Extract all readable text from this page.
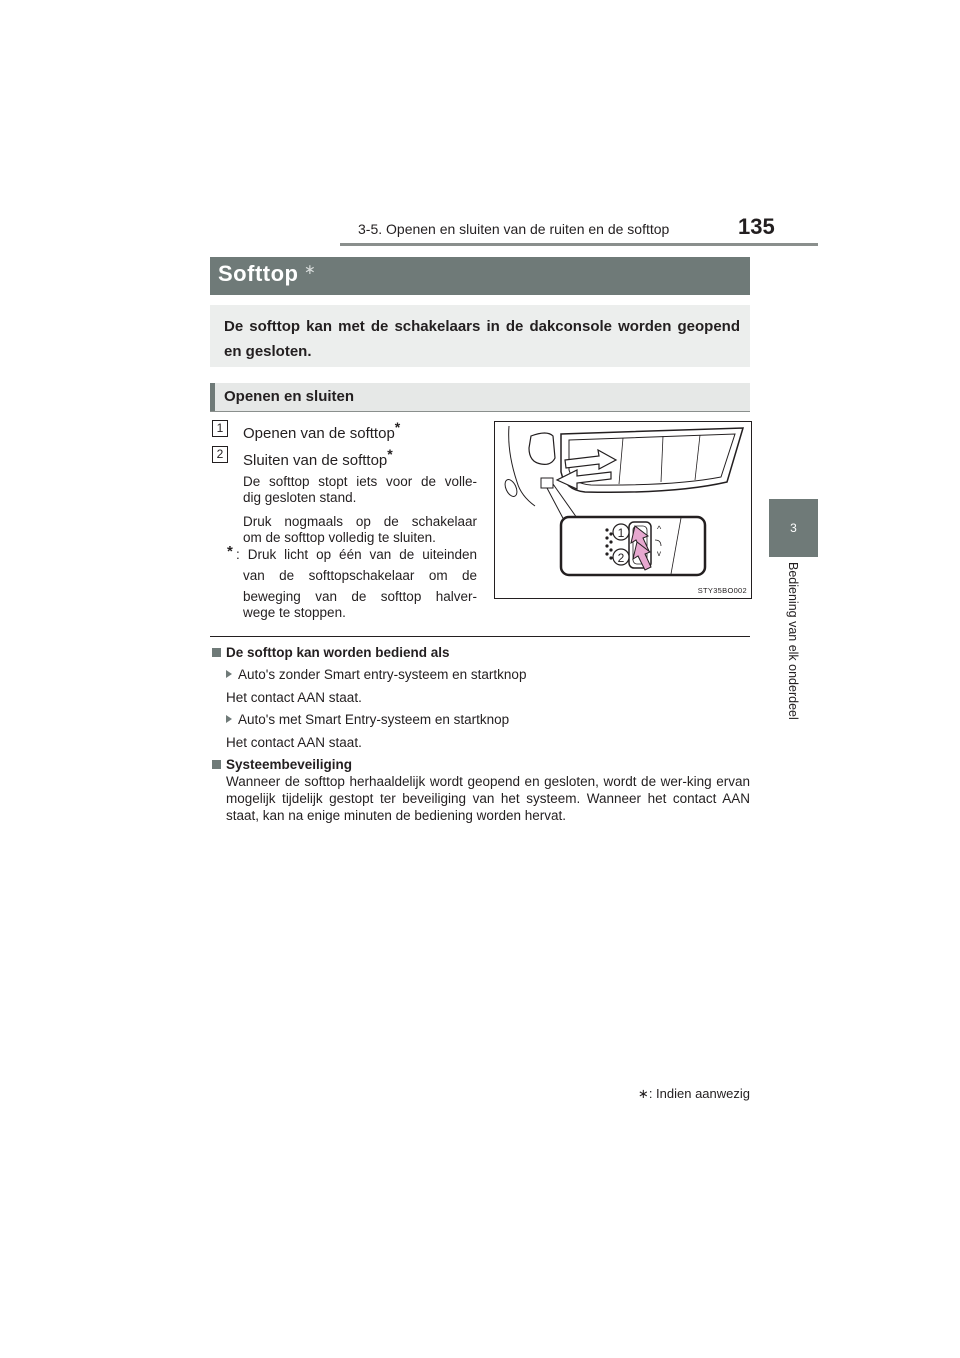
3-5. Openen en sluiten van de ruiten en de softtop	135
3
Bediening van elk onderdeel
Softtop ∗
De softtop kan met de schakelaars in de dakconsole worden geopend en gesloten.
Openen en sluiten
1	Openen van de softtop*
2	Sluiten van de softtop*
De softtop stopt iets voor de volle-
dig gesloten stand.
Druk nogmaals op de schakelaar
om de softtop volledig te sluiten.
* : Druk licht op één van de uiteinden
van de softtopschakelaar om de
beweging van de softtop halver-
wege te stoppen.
^
v
1
2
STY35BO002
De softtop kan worden bediend als
Auto's zonder Smart entry-systeem en startknop
Het contact AAN staat.
Auto's met Smart Entry-systeem en startknop
Het contact AAN staat.
Systeembeveiliging
Wanneer de softtop herhaaldelijk wordt geopend en gesloten, wordt de wer-king ervan mogelijk tijdelijk gestopt ter beveiliging van het systeem. Wanneer het contact AAN staat, kan na enige minuten de bediening worden hervat.
∗: Indien aanwezig
